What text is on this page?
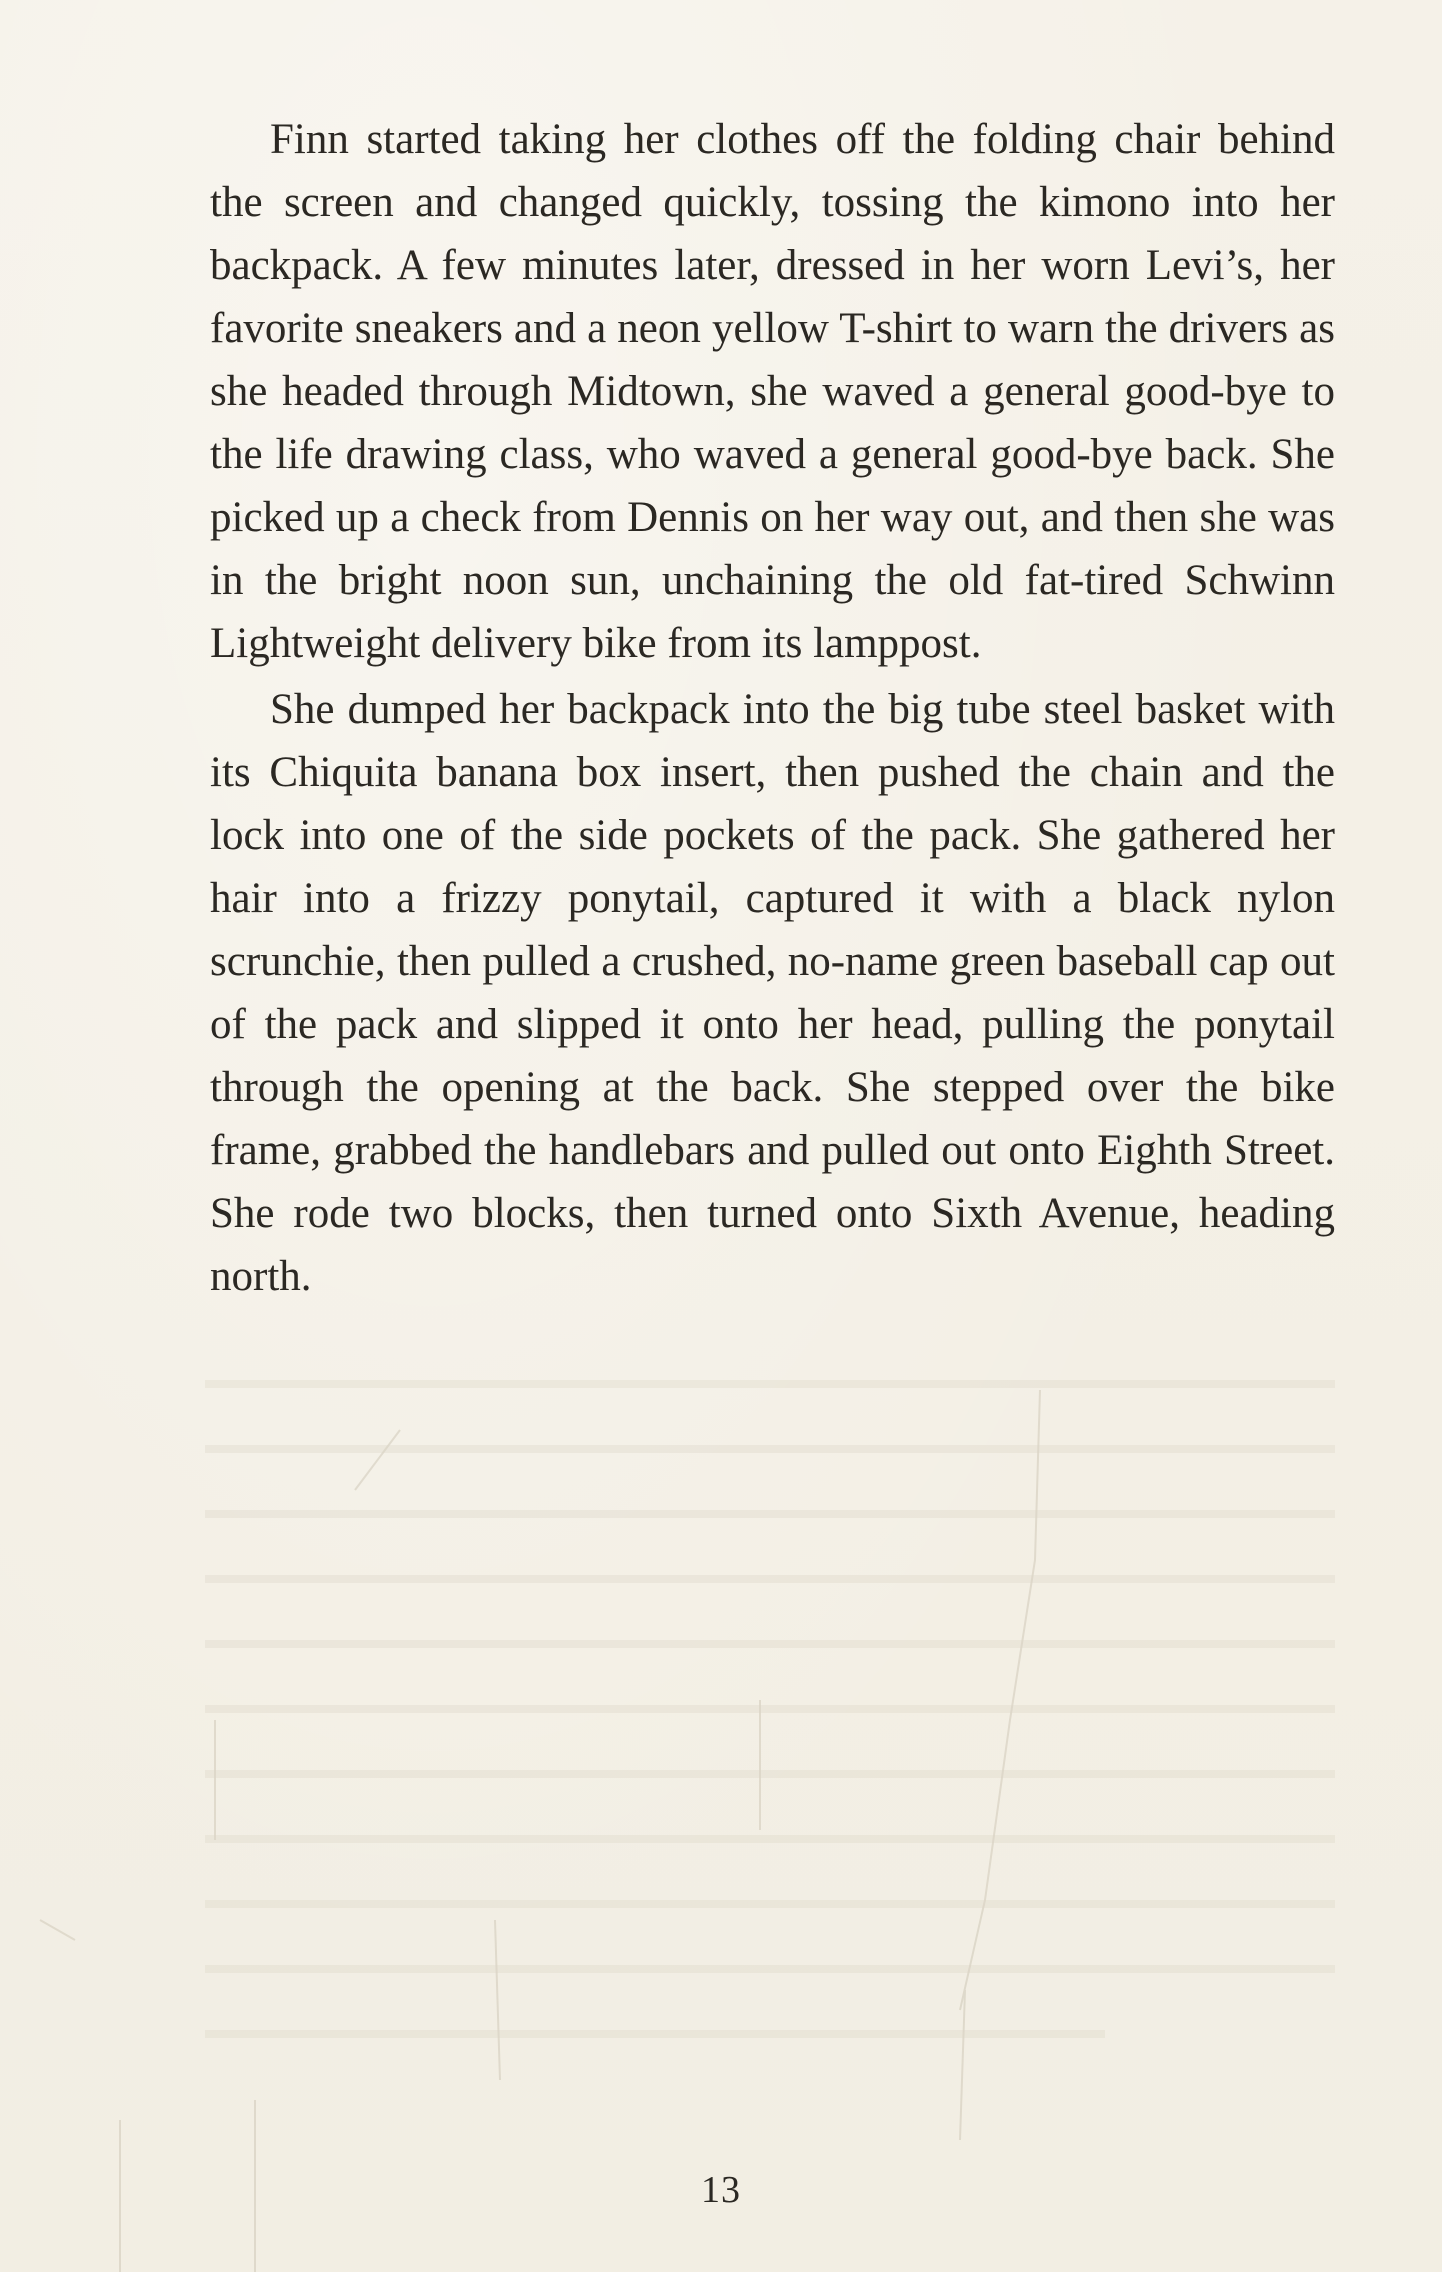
Finn started taking her clothes off the folding chair behind the screen and changed quickly, tossing the kimono into her backpack. A few minutes later, dressed in her worn Levi’s, her favorite sneakers and a neon yellow T-shirt to warn the drivers as she headed through Midtown, she waved a general good-bye to the life drawing class, who waved a general good-bye back. She picked up a check from Dennis on her way out, and then she was in the bright noon sun, unchaining the old fat-tired Schwinn Lightweight delivery bike from its lamppost.

She dumped her backpack into the big tube steel basket with its Chiquita banana box insert, then pushed the chain and the lock into one of the side pockets of the pack. She gathered her hair into a frizzy ponytail, captured it with a black nylon scrunchie, then pulled a crushed, no-name green baseball cap out of the pack and slipped it onto her head, pulling the ponytail through the opening at the back. She stepped over the bike frame, grabbed the handlebars and pulled out onto Eighth Street. She rode two blocks, then turned onto Sixth Avenue, heading north.

13
